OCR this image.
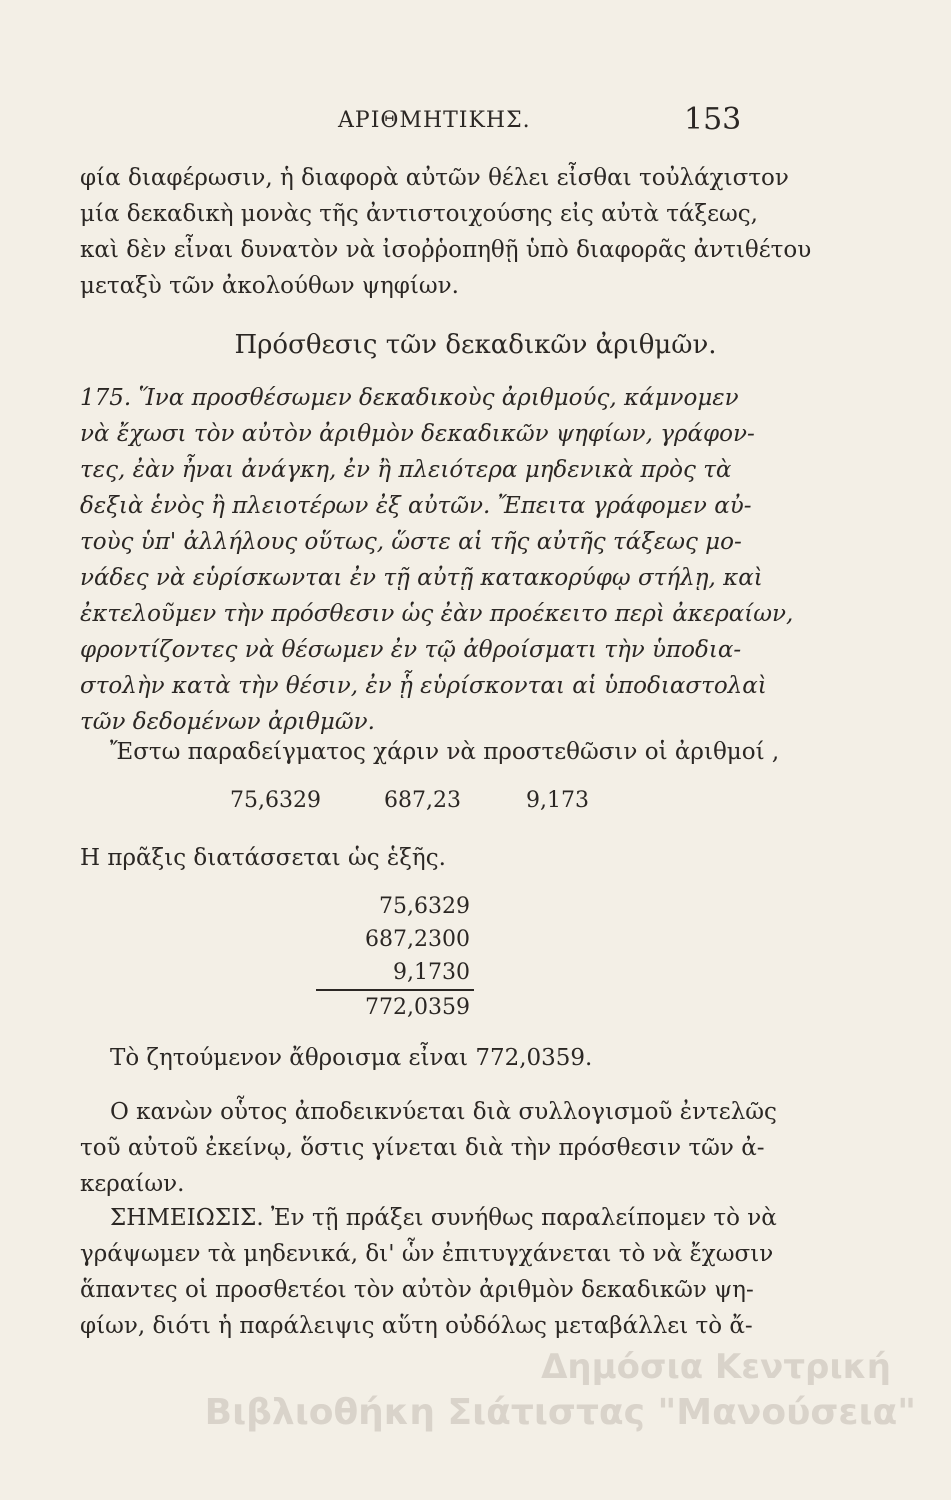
ΑΡΙΘΜΗΤΙΚΗΣ.	153
φία διαφέρωσιν, ἡ διαφορὰ αὐτῶν θέλει εἶσθαι τοὐλάχιστον
μία δεκαδικὴ μονὰς τῆς ἀντιστοιχούσης εἰς αὐτὰ τάξεως,
καὶ δὲν εἶναι δυνατὸν νὰ ἰσοῤῥοπηθῇ ὑπὸ διαφορᾶς ἀντιθέτου
μεταξὺ τῶν ἀκολούθων ψηφίων.
Πρόσθεσις τῶν δεκαδικῶν ἀριθμῶν.
175. Ἵνα προσθέσωμεν δεκαδικοὺς ἀριθμούς, κάμνομεν
νὰ ἔχωσι τὸν αὐτὸν ἀριθμὸν δεκαδικῶν ψηφίων, γράφον-
τες, ἐὰν ἦναι ἀνάγκη, ἐν ἢ πλειότερα μηδενικὰ πρὸς τὰ
δεξιὰ ἑνὸς ἢ πλειοτέρων ἐξ αὐτῶν. Ἔπειτα γράφομεν αὐ-
τοὺς ὑπ' ἀλλήλους οὕτως, ὥστε αἱ τῆς αὐτῆς τάξεως μο-
νάδες νὰ εὑρίσκωνται ἐν τῇ αὐτῇ κατακορύφῳ στήλῃ, καὶ
ἐκτελοῦμεν τὴν πρόσθεσιν ὡς ἐὰν προέκειτο περὶ ἀκεραίων,
φροντίζοντες νὰ θέσωμεν ἐν τῷ ἀθροίσματι τὴν ὑποδια-
στολὴν κατὰ τὴν θέσιν, ἐν ᾗ εὑρίσκονται αἱ ὑποδιαστολαὶ
τῶν δεδομένων ἀριθμῶν.
Ἔστω παραδείγματος χάριν νὰ προστεθῶσιν οἱ ἀριθμοί ,
75,6329	687,23	9,173
Η πρᾶξις διατάσσεται ὡς ἑξῆς.
75,6329
687,2300
9,1730
772,0359
Τὸ ζητούμενον ἄθροισμα εἶναι 772,0359.
Ο κανὼν οὗτος ἀποδεικνύεται διὰ συλλογισμοῦ ἐντελῶς
τοῦ αὐτοῦ ἐκείνῳ, ὅστις γίνεται διὰ τὴν πρόσθεσιν τῶν ἀ-
κεραίων.
ΣΗΜΕΙΩΣΙΣ. Ἐν τῇ πράξει συνήθως παραλείπομεν τὸ νὰ
γράψωμεν τὰ μηδενικά, δι' ὧν ἐπιτυγχάνεται τὸ νὰ ἔχωσιν
ἅπαντες οἱ προσθετέοι τὸν αὐτὸν ἀριθμὸν δεκαδικῶν ψη-
φίων, διότι ἡ παράλειψις αὕτη οὐδόλως μεταβάλλει τὸ ἄ-
Δημόσια Κεντρική
Βιβλιοθήκη Σιάτιστας "Μανούσεια"
